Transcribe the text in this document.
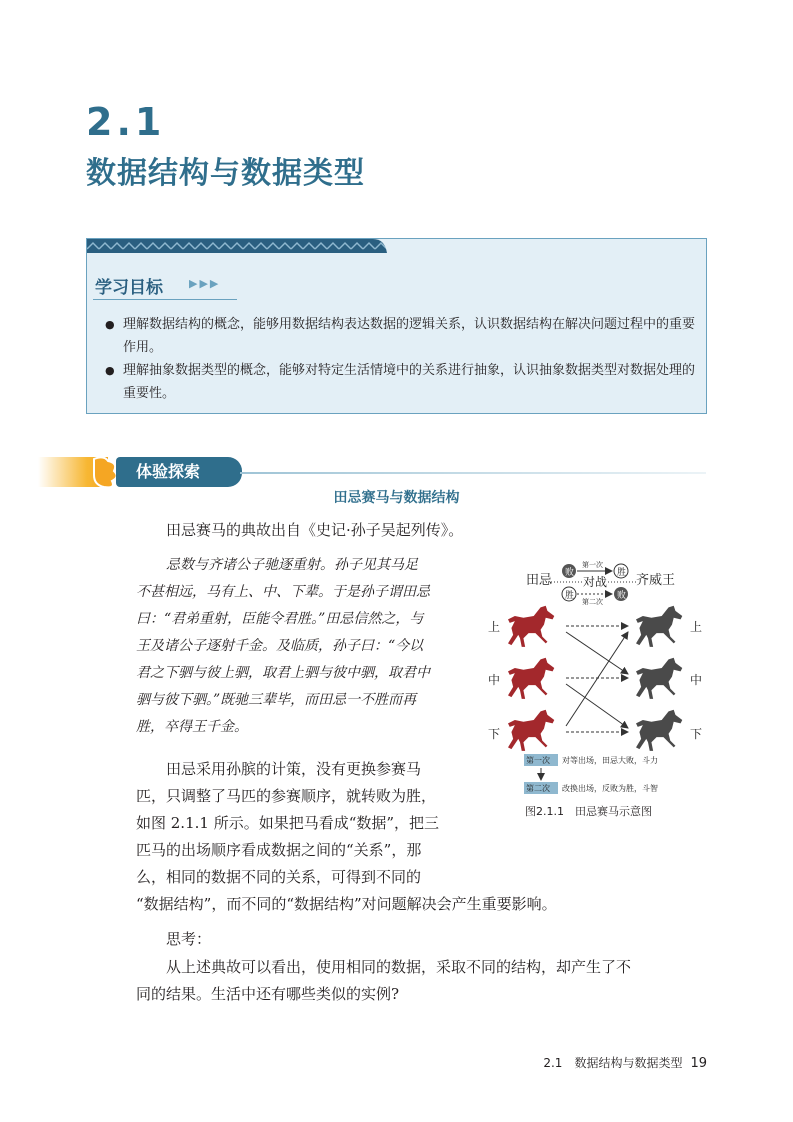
2.1
数据结构与数据类型
学习目标 ▶▶▶
● 理解数据结构的概念，能够用数据结构表达数据的逻辑关系，认识数据结构在解决问题过程中的重要作用。
● 理解抽象数据类型的概念，能够对特定生活情境中的关系进行抽象，认识抽象数据类型对数据处理的重要性。
体验探索
田忌赛马与数据结构
田忌赛马的典故出自《史记·孙子吴起列传》。
忌数与齐诸公子驰逐重射。孙子见其马足
不甚相远，马有上、中、下辈。于是孙子谓田忌
曰：“君弟重射，臣能令君胜。”田忌信然之，与
王及诸公子逐射千金。及临质，孙子曰：“今以
君之下驷与彼上驷，取君上驷与彼中驷，取君中
驷与彼下驷。”既驰三辈毕，而田忌一不胜而再
胜，卒得王千金。
田忌采用孙膑的计策，没有更换参赛马
匹，只调整了马匹的参赛顺序，就转败为胜，
如图 2.1.1 所示。如果把马看成“数据”，把三
匹马的出场顺序看成数据之间的“关系”，那
么，相同的数据不同的关系，可得到不同的
“数据结构”，而不同的“数据结构”对问题解决会产生重要影响。
思考：
从上述典故可以看出，使用相同的数据，采取不同的结构，却产生了不
同的结果。生活中还有哪些类似的实例?
田忌	齐威王
对战
败	胜
第一次
胜	败
第二次
上
中
下
上
中
下
第一次 对等出场，田忌大败，斗力
第二次 改换出场，反败为胜，斗智
图2.1.1　田忌赛马示意图
2.1　数据结构与数据类型 19
